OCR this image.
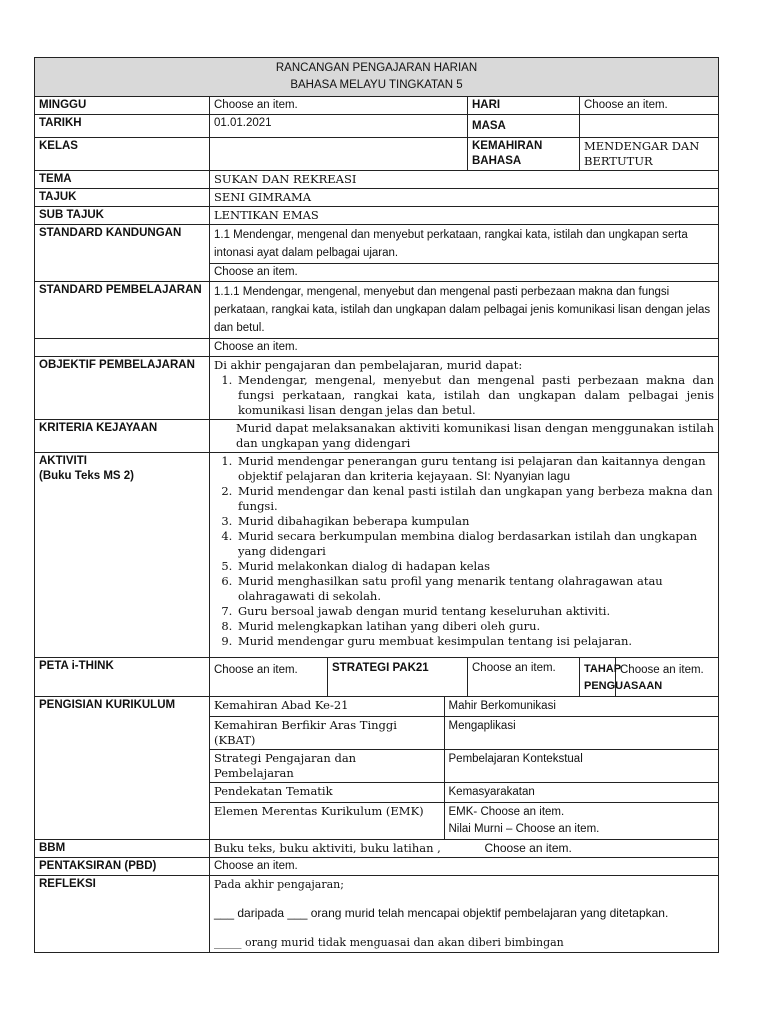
RANCANGAN PENGAJARAN HARIAN
BAHASA MELAYU TINGKATAN 5

MINGGU	Choose an item.	HARI	Choose an item.
TARIKH	01.01.2021	MASA	
KELAS		KEMAHIRAN BAHASA	MENDENGAR DAN BERTUTUR
TEMA	SUKAN DAN REKREASI
TAJUK	SENI GIMRAMA
SUB TAJUK	LENTIKAN EMAS
STANDARD KANDUNGAN	1.1 Mendengar, mengenal dan menyebut perkataan, rangkai kata, istilah dan ungkapan serta intonasi ayat dalam pelbagai ujaran.
Choose an item.
STANDARD PEMBELAJARAN	1.1.1 Mendengar, mengenal, menyebut dan mengenal pasti perbezaan makna dan fungsi perkataan, rangkai kata, istilah dan ungkapan dalam pelbagai jenis komunikasi lisan dengan jelas dan betul.
	Choose an item.
OBJEKTIF PEMBELAJARAN	Di akhir pengajaran dan pembelajaran, murid dapat:
1. Mendengar, mengenal, menyebut dan mengenal pasti perbezaan makna dan fungsi perkataan, rangkai kata, istilah dan ungkapan dalam pelbagai jenis komunikasi lisan dengan jelas dan betul.

KRITERIA KEJAYAAN	Murid dapat melaksanakan aktiviti komunikasi lisan dengan menggunakan istilah dan ungkapan yang didengari

AKTIVITI
(Buku Teks MS 2)

1. Murid mendengar penerangan guru tentang isi pelajaran dan kaitannya dengan objektif pelajaran dan kriteria kejayaan. SI: Nyanyian lagu
2. Murid mendengar dan kenal pasti istilah dan ungkapan yang berbeza makna dan fungsi.
3. Murid dibahagikan beberapa kumpulan
4. Murid secara berkumpulan membina dialog berdasarkan istilah dan ungkapan yang didengari
5. Murid melakonkan dialog di hadapan kelas
6. Murid menghasilkan satu profil yang menarik tentang olahragawan atau olahragawati di sekolah.
7. Guru bersoal jawab dengan murid tentang keseluruhan aktiviti.
8. Murid melengkapkan latihan yang diberi oleh guru.
9. Murid mendengar guru membuat kesimpulan tentang isi pelajaran.

PETA i-THINK	Choose an item.	STRATEGI PAK21	Choose an item.	TAHAP PENGUASAAN	Choose an item.
PENGISIAN KURIKULUM		Kemahiran Abad Ke-21	Mahir Berkomunikasi
Kemahiran Berfikir Aras Tinggi (KBAT)	Mengaplikasi
Strategi Pengajaran dan Pembelajaran	Pembelajaran Kontekstual
Pendekatan Tematik	Kemasyarakatan
Elemen Merentas Kurikulum (EMK)	EMK- Choose an item.
Nilai Murni – Choose an item.

BBM	Buku teks, buku aktiviti, buku latihan ,	Choose an item.
PENTAKSIRAN (PBD)	Choose an item.
REFLEKSI	Pada akhir pengajaran;

___ daripada ___ orang murid telah mencapai objektif pembelajaran yang ditetapkan.

_____ orang murid tidak menguasai dan akan diberi bimbingan
